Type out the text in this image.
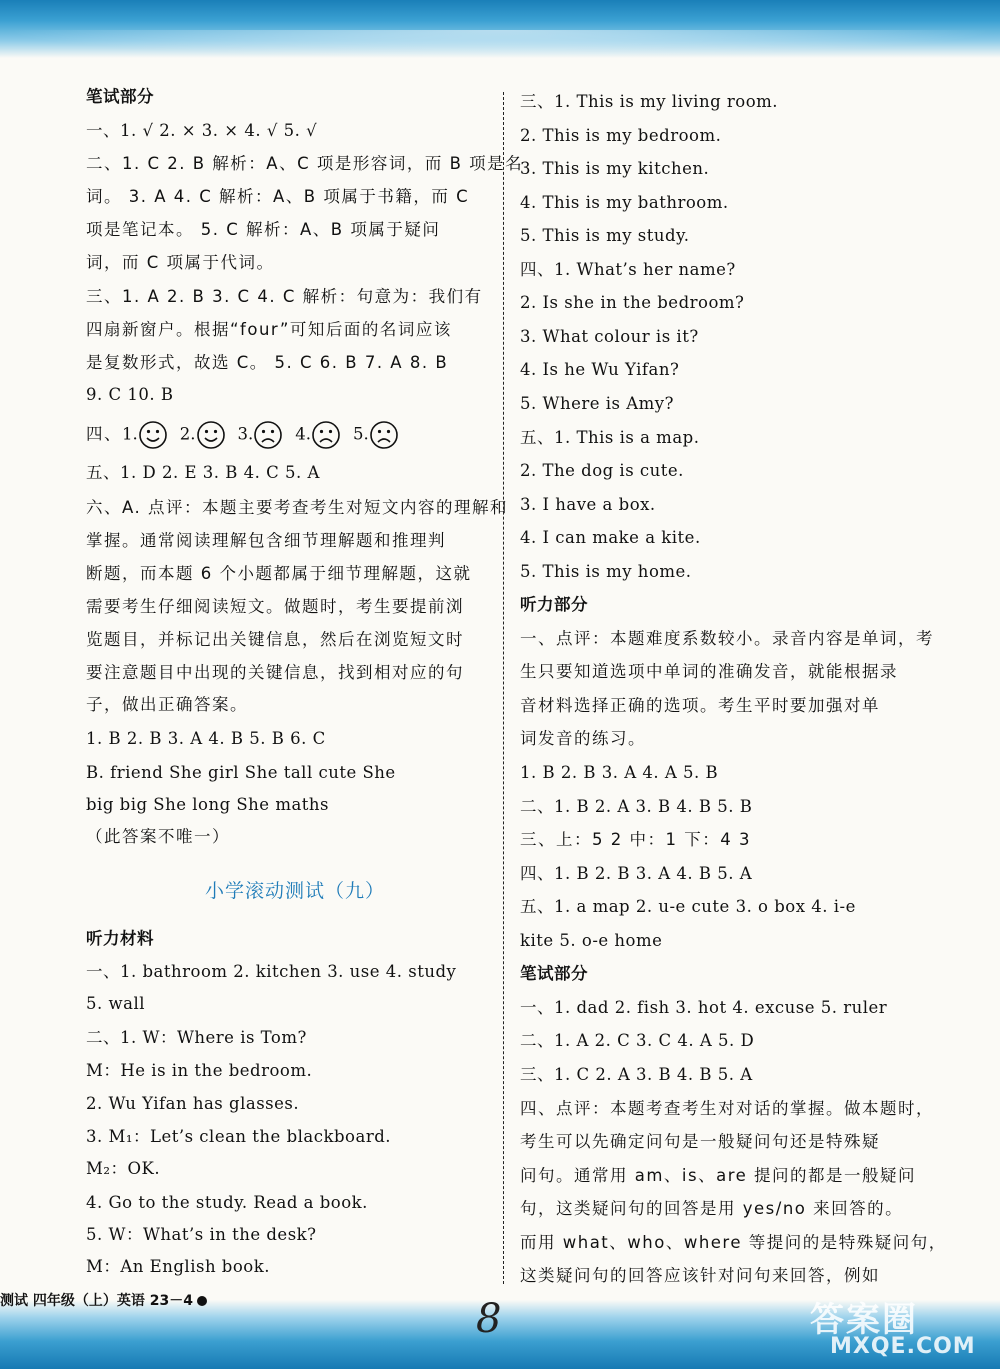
笔试部分
一、1. √ 2. × 3. × 4. √ 5. √
二、1. C 2. B 解析：A、C 项是形容词，而 B 项是名
词。 3. A 4. C 解析：A、B 项属于书籍，而 C
项是笔记本。 5. C 解析：A、B 项属于疑问
词，而 C 项属于代词。
三、1. A 2. B 3. C 4. C 解析：句意为：我们有
四扇新窗户。根据“four”可知后面的名词应该
是复数形式，故选 C。 5. C 6. B 7. A 8. B
9. C 10. B
四、1.	2.	3.	4.	5.
五、1. D 2. E 3. B 4. C 5. A
六、A. 点评：本题主要考查考生对短文内容的理解和
掌握。通常阅读理解包含细节理解题和推理判
断题，而本题 6 个小题都属于细节理解题，这就
需要考生仔细阅读短文。做题时，考生要提前浏
览题目，并标记出关键信息，然后在浏览短文时
要注意题目中出现的关键信息，找到相对应的句
子，做出正确答案。
1. B 2. B 3. A 4. B 5. B 6. C
B. friend She girl She tall cute She
big big She long She maths
（此答案不唯一）
听力材料
一、1. bathroom 2. kitchen 3. use 4. study
5. wall
二、1. W：Where is Tom?
M：He is in the bedroom.
2. Wu Yifan has glasses.
3. M₁：Let’s clean the blackboard.
M₂：OK.
4. Go to the study. Read a book.
5. W：What’s in the desk?
M：An English book.
小学滚动测试（九）
三、1. This is my living room.
2. This is my bedroom.
3. This is my kitchen.
4. This is my bathroom.
5. This is my study.
四、1. What’s her name?
2. Is she in the bedroom?
3. What colour is it?
4. Is he Wu Yifan?
5. Where is Amy?
五、1. This is a map.
2. The dog is cute.
3. I have a box.
4. I can make a kite.
5. This is my home.
听力部分
一、点评：本题难度系数较小。录音内容是单词，考
生只要知道选项中单词的准确发音，就能根据录
音材料选择正确的选项。考生平时要加强对单
词发音的练习。
1. B 2. B 3. A 4. A 5. B
二、1. B 2. A 3. B 4. B 5. B
三、上：5 2 中：1 下：4 3
四、1. B 2. B 3. A 4. B 5. A
五、1. a map 2. u-e cute 3. o box 4. i-e
kite 5. o-e home
笔试部分
一、1. dad 2. fish 3. hot 4. excuse 5. ruler
二、1. A 2. C 3. C 4. A 5. D
三、1. C 2. A 3. B 4. B 5. A
四、点评：本题考查考生对对话的掌握。做本题时，
考生可以先确定问句是一般疑问句还是特殊疑
问句。通常用 am、is、are 提问的都是一般疑问
句，这类疑问句的回答是用 yes/no 来回答的。
而用 what、who、where 等提问的是特殊疑问句，
这类疑问句的回答应该针对问句来回答，例如
测试 四年级（上）英语 23－4	8	答案圈
MXQE.COM
